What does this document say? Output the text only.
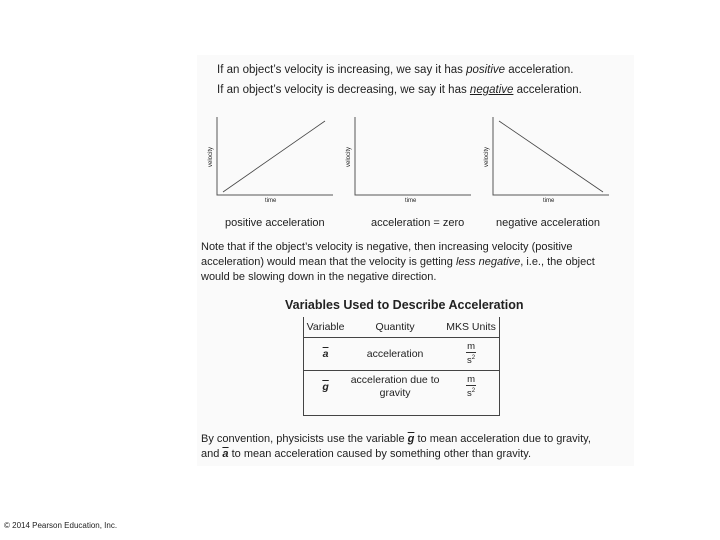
If an object’s velocity is increasing, we say it has positive acceleration.
If an object’s velocity is decreasing, we say it has negative acceleration.
velocity
time
velocity
time
velocity
time
positive acceleration	acceleration = zero	negative acceleration
Note that if the object’s velocity is negative, then increasing velocity (positive acceleration) would mean that the velocity is getting less negative, i.e., the object would be slowing down in the negative direction.
Variables Used to Describe Acceleration
Variable	Quantity	MKS Units
$\overline{a}$	acceleration	$\frac{m}{s^2}$

$\overline{g}$	acceleration due to gravity	$\frac{m}{s^2}$
By convention, physicists use the variable $\overline{g}$ to mean acceleration due to gravity,
and $\overline{a}$ to mean acceleration caused by something other than gravity.
© 2014 Pearson Education, Inc.
